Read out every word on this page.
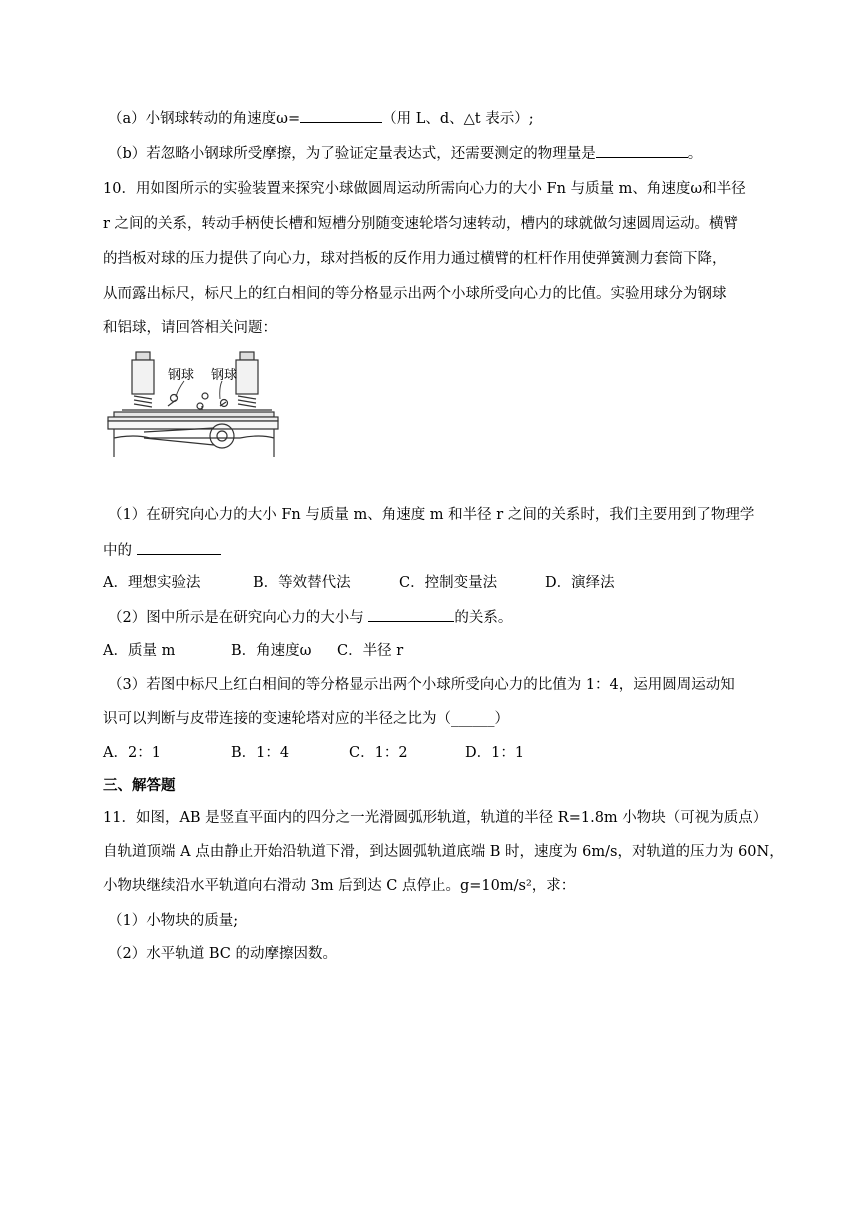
（a）小钢球转动的角速度ω=	（用 L、d、△t 表示）;
（b）若忽略小钢球所受摩擦，为了验证定量表达式，还需要测定的物理量是	。
10．用如图所示的实验装置来探究小球做圆周运动所需向心力的大小 Fn 与质量 m、角速度ω和半径
r 之间的关系，转动手柄使长槽和短槽分别随变速轮塔匀速转动，槽内的球就做匀速圆周运动。横臂
的挡板对球的压力提供了向心力，球对挡板的反作用力通过横臂的杠杆作用使弹簧测力套筒下降，
从而露出标尺，标尺上的红白相间的等分格显示出两个小球所受向心力的比值。实验用球分为钢球
和铝球，请回答相关问题：
钢球 钢球
（1）在研究向心力的大小 Fn 与质量 m、角速度 m 和半径 r 之间的关系时，我们主要用到了物理学
中的
A．理想实验法	B．等效替代法	C．控制变量法	D．演绎法
（2）图中所示是在研究向心力的大小与	的关系。
A．质量 m	B．角速度ω C．半径 r
（3）若图中标尺上红白相间的等分格显示出两个小球所受向心力的比值为 1：4，运用圆周运动知
识可以判断与皮带连接的变速轮塔对应的半径之比为（______）
A．2：1	B．1：4	C．1：2	D．1：1
三、解答题
11．如图，AB 是竖直平面内的四分之一光滑圆弧形轨道，轨道的半径 R=1.8m 小物块（可视为质点）
自轨道顶端 A 点由静止开始沿轨道下滑，到达圆弧轨道底端 B 时，速度为 6m/s，对轨道的压力为 60N，
小物块继续沿水平轨道向右滑动 3m 后到达 C 点停止。g=10m/s²，求：
（1）小物块的质量;
（2）水平轨道 BC 的动摩擦因数。
